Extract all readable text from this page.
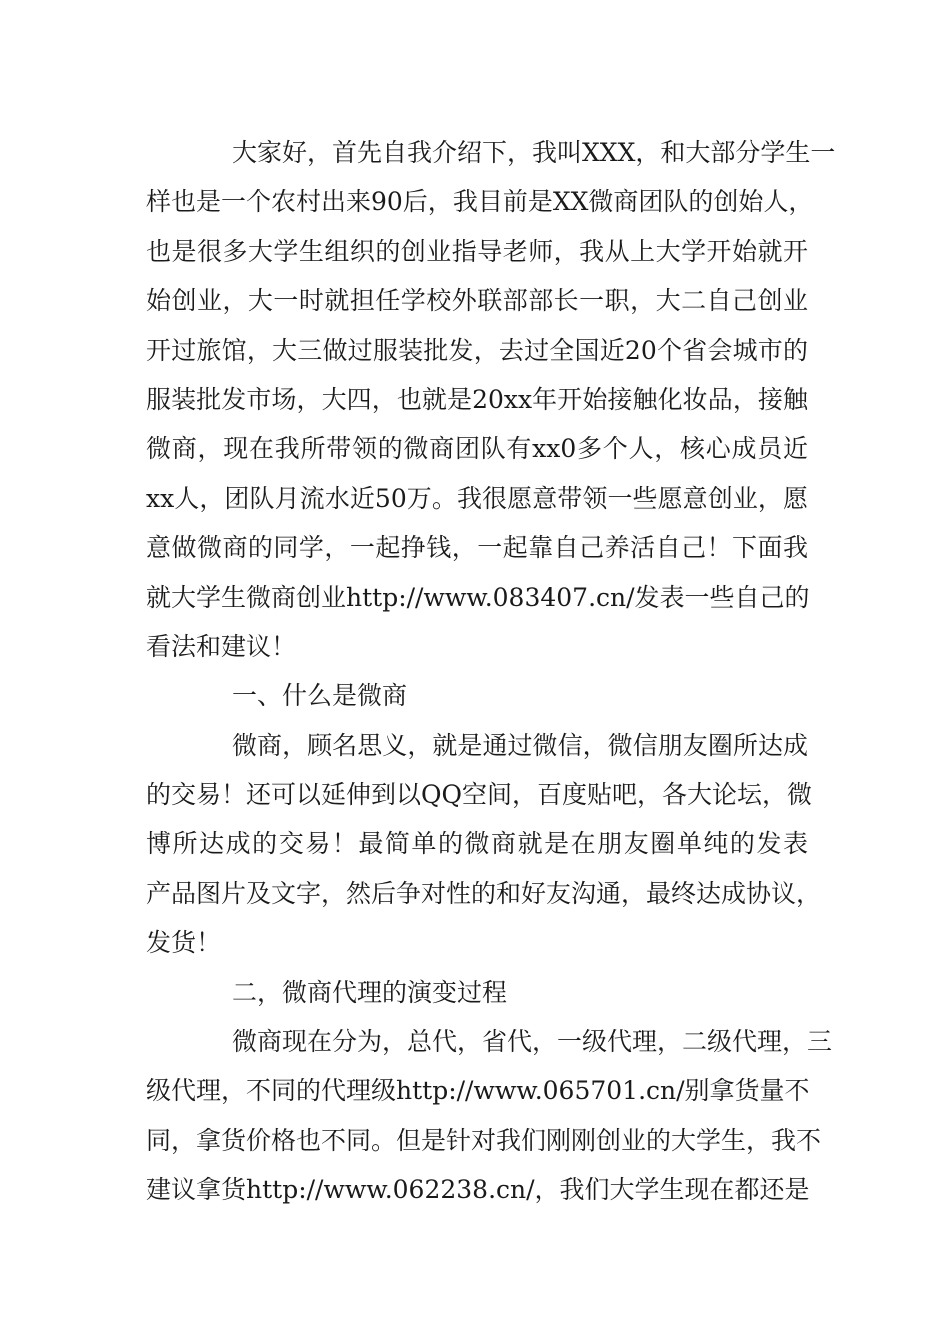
大家好，首先自我介绍下，我叫XXX，和大部分学生一
样也是一个农村出来90后，我目前是XX微商团队的创始人，
也是很多大学生组织的创业指导老师，我从上大学开始就开
始创业，大一时就担任学校外联部部长一职，大二自己创业
开过旅馆，大三做过服装批发，去过全国近20个省会城市的
服装批发市场，大四，也就是20xx年开始接触化妆品，接触
微商，现在我所带领的微商团队有xx0多个人，核心成员近
xx人，团队月流水近50万。我很愿意带领一些愿意创业，愿
意做微商的同学，一起挣钱，一起靠自己养活自己！下面我
就大学生微商创业http://www.083407.cn/发表一些自己的
看法和建议！
一、什么是微商
微商，顾名思义，就是通过微信，微信朋友圈所达成
的交易！还可以延伸到以QQ空间，百度贴吧，各大论坛，微
博所达成的交易！最简单的微商就是在朋友圈单纯的发表
产品图片及文字，然后争对性的和好友沟通，最终达成协议，
发货！
二，微商代理的演变过程
微商现在分为，总代，省代，一级代理，二级代理，三
级代理，不同的代理级http://www.065701.cn/别拿货量不
同，拿货价格也不同。但是针对我们刚刚创业的大学生，我不
建议拿货http://www.062238.cn/，我们大学生现在都还是
